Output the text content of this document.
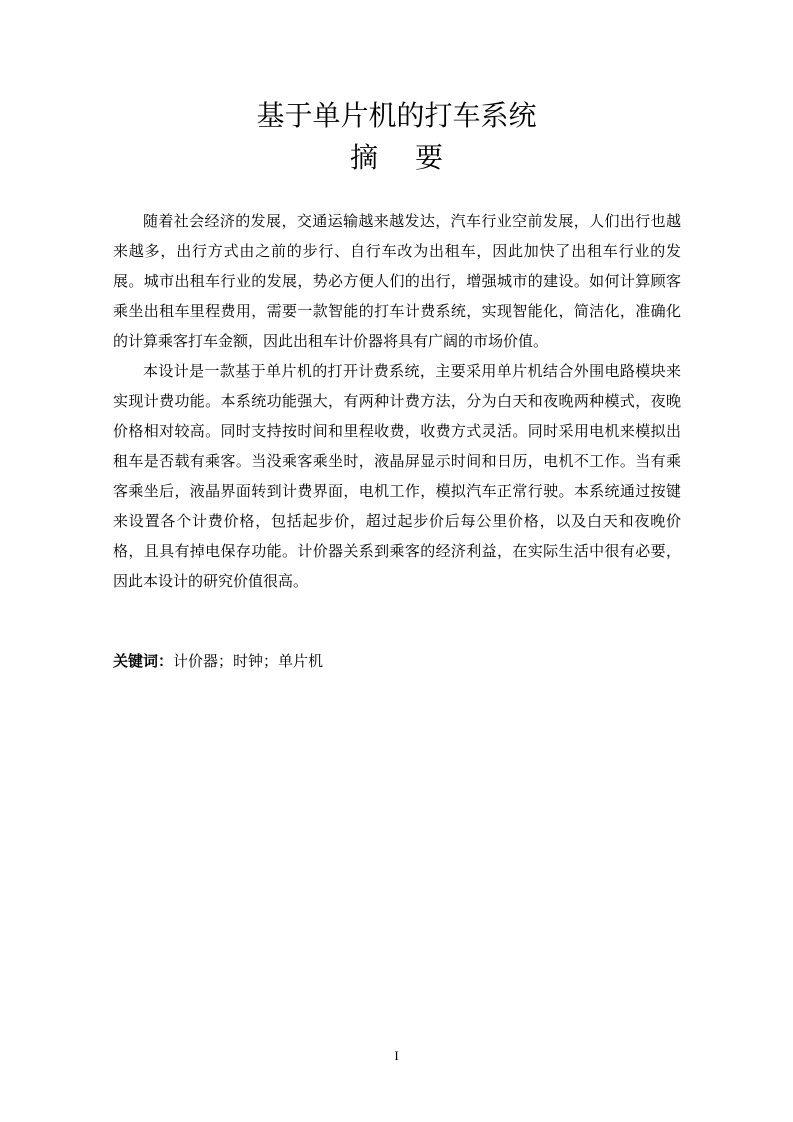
基于单片机的打车系统
摘 要

随着社会经济的发展，交通运输越来越发达，汽车行业空前发展，人们出行也越来越多，出行方式由之前的步行、自行车改为出租车，因此加快了出租车行业的发展。城市出租车行业的发展，势必方便人们的出行，增强城市的建设。如何计算顾客乘坐出租车里程费用，需要一款智能的打车计费系统，实现智能化，简洁化，准确化的计算乘客打车金额，因此出租车计价器将具有广阔的市场价值。

本设计是一款基于单片机的打开计费系统，主要采用单片机结合外围电路模块来实现计费功能。本系统功能强大，有两种计费方法，分为白天和夜晚两种模式，夜晚价格相对较高。同时支持按时间和里程收费，收费方式灵活。同时采用电机来模拟出租车是否载有乘客。当没乘客乘坐时，液晶屏显示时间和日历，电机不工作。当有乘客乘坐后，液晶界面转到计费界面，电机工作，模拟汽车正常行驶。本系统通过按键来设置各个计费价格，包括起步价，超过起步价后每公里价格，以及白天和夜晚价格，且具有掉电保存功能。计价器关系到乘客的经济利益，在实际生活中很有必要，因此本设计的研究价值很高。

关键词：计价器；时钟；单片机
I
